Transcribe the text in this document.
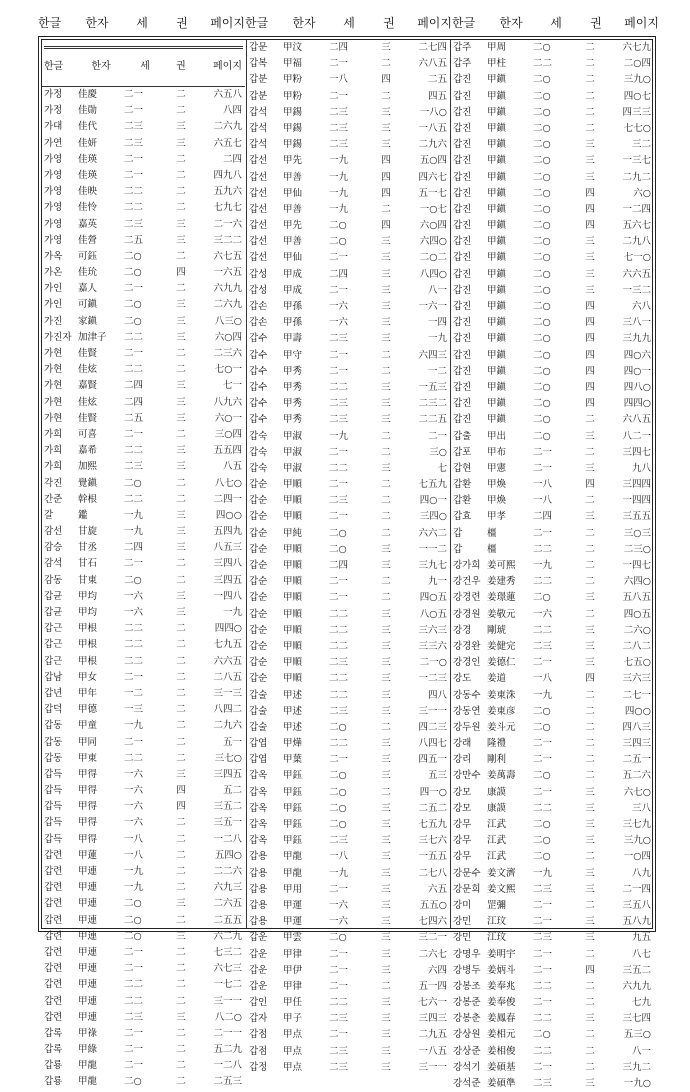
한글	한자	세	권	페이지 한글	한자	세	권	페이지 한글	한자	세	권	페이지
한글	한자	세	권	페이지
가정	佳慶	二一	二	六五八
가정	佳勛	二一	二	八四
가대	佳代	二三	三	二六九
가연	佳妍	二三	三	六五七
가영	佳瑛	二一	二	二四
가영	佳瑛	二一	二	四九八
가영	佳映	二二	二	五九六
가영	佳怜	二二	二	七九七
가영	嘉英	二三	三	二一六
가영	佳營	二五	三	三二二
가옥	可鈺	二○	二	六七五
가온	佳玧	二○	四	一六五
가인	嘉人	二一	二	六九九
가인	可鎭	二○	三	二六九
가진	家鎭	二○	三	八三○
가진자 加津子	二二	三	六○四
가현	佳賢	二一	二	二三六
가현	佳炫	二二	二	七○一
가현	嘉賢	二四	三	七一
가현	佳炫	二四	三	八九六
가현	佳賢	二五	三	六○一
가희	可喜	二一	二	三○四
가희	嘉希	二二	三	五五四
가희	加熙	二三	三	八五
각진	覺鎭	二○	二	八七○
간준	幹根	二二	二	二四一
갈	鑑	一九	三	四○○
감선	甘旋	一九	三	五四九
감승	甘丞	二四	三	八五三
감석	甘石	二一	二	三四八
감동	甘東	二○	二	三四五
갑균	甲均	一六	三	一四八
갑균	甲均	一六	三	一九
갑근	甲根	二二	二	四四○
갑근	甲根	二二	二	七九五
갑근	甲根	二二	二	六六五
갑남	甲女	二一	二	二八五
갑년	甲年	一二	二	三一三
갑덕	甲德	一三	二	八四二
갑동	甲童	一九	二	二九六
갑동	甲同	二一	二	五一
갑동	甲東	二二	二	三七○
갑득	甲得	一六	三	三四五
갑득	甲得	一六	四	五二
갑득	甲得	一六	四	三五二
갑득	甲得	一六	二	三五一
갑득	甲得	一八	二	一二八
갑련	甲蓮	一八	二	五四○
갑련	甲連	一九	二	二二六
갑련	甲連	一九	二	六九三
갑련	甲連	二○	三	二六五
갑련	甲連	二○	二	二五五
갑련	甲連	二○	三	六二九
갑련	甲連	二一	二	七三二
갑련	甲連	二一	二	六七三
갑련	甲連	二二	二	一七二
갑련	甲連	二二	二	三一一
갑련	甲連	二三	三	八二○
갑록	甲祿	二一	二	二一一
갑록	甲綠	二一	二	五二九
갑룡	甲龍	二一	二	一二八
갑룡	甲龍	二○	二	二五三
갑문	甲汶	二四	三	二七四
갑복	甲福	二一	二	六八五
갑분	甲粉	一八	四	二五
갑분	甲粉	二一	二	四五
갑석	甲錫	二三	三	一八○
갑석	甲錫	二三	三	一八五
갑석	甲錫	二三	三	二九六
갑선	甲先	一九	四	五○四
갑선	甲善	一九	四	四六七
갑선	甲仙	一九	四	五一七
갑선	甲善	一九	二	一○七
갑선	甲先	二○	四	六○四
갑선	甲善	二○	三	六四○
갑선	甲仙	二一	三	二○二
갑성	甲成	二四	三	八四○
갑성	甲成	二一	三	八一
갑손	甲孫	一六	三	一六一
갑손	甲孫	一六	三	一四
갑수	甲壽	二三	三	一九
갑수	甲守	二一	二	六四三
갑수	甲秀	二一	二	一二
갑수	甲秀	二二	三	一五三
갑수	甲秀	二三	三	二三二
갑수	甲秀	二三	三	二二五
갑숙	甲淑	一九	二	二一
갑숙	甲淑	二一	二	三○
갑숙	甲淑	二二	三	七
갑순	甲順	二一	二	七五九
갑순	甲順	二三	二	四○一
갑순	甲順	二一	二	三四○
갑순	甲純	二○	二	六六二
갑순	甲順	二○	三	一一二
갑순	甲順	二四	三	三九七
갑순	甲順	二一	二	九一
갑순	甲順	二一	二	四○五
갑순	甲順	二二	三	八○五
갑순	甲順	二二	三	三六三
갑순	甲順	二二	三	三三六
갑순	甲順	二三	三	二一○
갑순	甲順	二二	三	一二三
갑술	甲述	二二	三	四八
갑술	甲述	二三	三	三一一
갑술	甲述	二○	二	四二三
갑엽	甲燁	二二	三	八四七
갑엽	甲葉	二一	三	四五一
갑옥	甲鈺	二○	三	五三
갑옥	甲鈺	二○	二	四一○
갑옥	甲鈺	二○	三	二五二
갑옥	甲鈺	二○	三	七五九
갑옥	甲鈺	二三	三	三七六
갑용	甲龍	一八	三	一五五
갑용	甲龍	一九	三	二七八
갑용	甲用	二一	三	六五
갑용	甲運	一六	三	五五○
갑용	甲運	一六	三	七四六
갑운	甲雲	二○	三	三二一
갑운	甲律	二一	三	二六七
갑운	甲伊	二一	三	六四
갑운	甲律	二一	二	五一四
갑인	甲任	二二	三	七六一
갑자	甲子	二三	三	三四三
갑점	甲点	二一	三	二九五
갑점	甲点	二三	三	一八五
갑정	甲点	二三	三	三一一
갑주	甲周	二○	二	六七九
갑주	甲柱	二二	二	二○四
갑진	甲鎭	二○	二	三九○
갑진	甲鎭	二○	二	四○七
갑진	甲鎭	二○	二	四三三
갑진	甲鎭	二○	二	七七○
갑진	甲鎭	二○	三	三二
갑진	甲鎭	二○	三	一三七
갑진	甲鎭	二○	三	二九二
갑진	甲鎭	二○	四	六○
갑진	甲鎭	二○	四	一二四
갑진	甲鎭	二○	四	五六七
갑진	甲鎭	二○	三	二九八
갑진	甲鎭	二○	三	七一○
갑진	甲鎭	二○	三	六六五
갑진	甲鎭	二○	三	一三二
갑진	甲鎭	二○	四	六八
갑진	甲鎭	二○	四	三八一
갑진	甲鎭	二○	四	三九九
갑진	甲鎭	二○	四	四○六
갑진	甲鎭	二○	四	四○一
갑진	甲鎭	二○	四	四八○
갑진	甲鎭	二○	四	四四○
갑진	甲鎭	二○	二	六八五
갑출	甲出	二○	三	八二一
갑포	甲布	二一	二	三四七
갑현	甲憲	二一	三	九八
갑환	甲煥	一八	四	三四四
갑환	甲煥	一八	二	一四四
갑효	甲孝	二四	三	三五五
갑	橿	二一	二	三○三
갑	橿	二二	二	二三○
강가희 姜可熙	一九	二	一四七
강건우 姜建秀	二二	二	六四○
강경련 姜璟蓮	二○	三	五八五
강경원 姜敬元	一六	二	四○五
강경	剛琥	二二	三	二六○
강경완 姜健完	二三	三	二八二
강경인 姜德仁	二一	三	七五○
강도	姜道	一八	四	三六三
강동수 姜東洙	一九	二	二七一
강동연 姜東彦	二○	二	四○○
강두원 姜斗元	二○	二	四八三
강래	隆禮	二一	二	三四三
강리	剛利	二一	二	二五一
강만수 姜萬壽	二○	二	五二六
강모	康謨	二一	三	六七○
강모	康謨	二二	三	三八
강무	江武	二○	三	三七九
강무	江武	二○	三	三九○
강무	江武	二○	二	一○四
강문수 姜文濟	一九	三	八九
강문희 姜文熙	二三	三	二一四
강미	罡彌	二一	二	三五八
강민	江玟	二一	三	五八九
강민	江玟	二三	三	九五
강명우 姜明宇	二一	二	八七
강병두 姜炳斗	二一	四	三五二
강봉조 姜奉兆	二二	二	六九九
강봉준 姜奉俊	二一	二	七九
강봉춘 姜鳳春	二二	三	三七四
강상원 姜相元	二○	二	五三○
강상준 姜相俊	二二	二	八一
강석기 姜碩基	二一	二	三九二
강석준 姜碩準	二三	三	一九○
